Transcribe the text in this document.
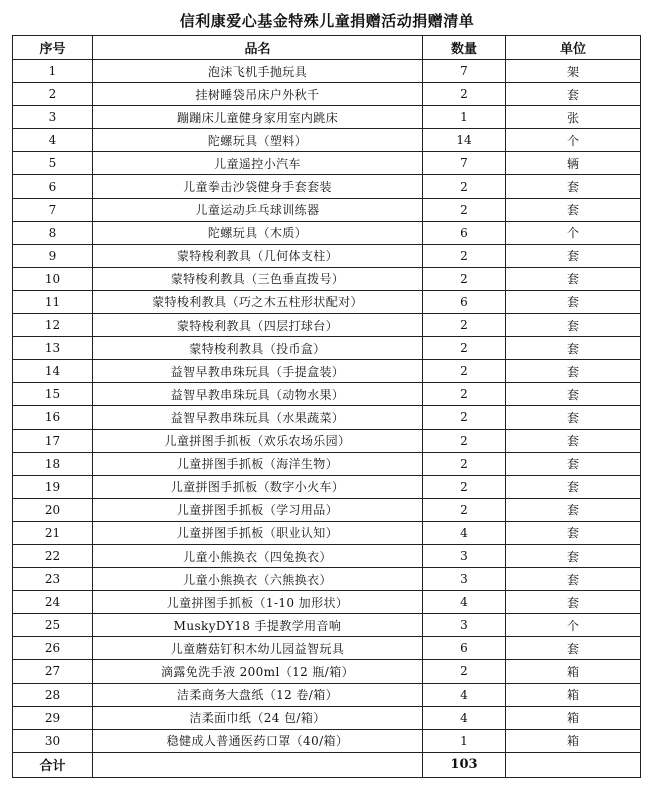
信利康爱心基金特殊儿童捐赠活动捐赠清单
序号	品名	数量	单位
1	泡沫飞机手抛玩具	7	架
2	挂树睡袋吊床户外秋千	2	套
3	蹦蹦床儿童健身家用室内跳床	1	张
4	陀螺玩具（塑料）	14	个
5	儿童遥控小汽车	7	辆
6	儿童拳击沙袋健身手套套装	2	套
7	儿童运动乒乓球训练器	2	套
8	陀螺玩具（木质）	6	个
9	蒙特梭利教具（几何体支柱）	2	套
10	蒙特梭利教具（三色垂直拨号）	2	套
11	蒙特梭利教具（巧之木五柱形状配对）	6	套
12	蒙特梭利教具（四层打球台）	2	套
13	蒙特梭利教具（投币盒）	2	套
14	益智早教串珠玩具（手提盒装）	2	套
15	益智早教串珠玩具（动物水果）	2	套
16	益智早教串珠玩具（水果蔬菜）	2	套
17	儿童拼图手抓板（欢乐农场乐园）	2	套
18	儿童拼图手抓板（海洋生物）	2	套
19	儿童拼图手抓板（数字小火车）	2	套
20	儿童拼图手抓板（学习用品）	2	套
21	儿童拼图手抓板（职业认知）	4	套
22	儿童小熊换衣（四兔换衣）	3	套
23	儿童小熊换衣（六熊换衣）	3	套
24	儿童拼图手抓板（1-10 加形状）	4	套
25	MuskyDY18 手提教学用音响	3	个
26	儿童蘑菇钉积木幼儿园益智玩具	6	套
27	滴露免洗手液 200ml（12 瓶/箱）	2	箱
28	洁柔商务大盘纸（12 卷/箱）	4	箱
29	洁柔面巾纸（24 包/箱）	4	箱
30	稳健成人普通医药口罩（40/箱）	1	箱
合计		103	
